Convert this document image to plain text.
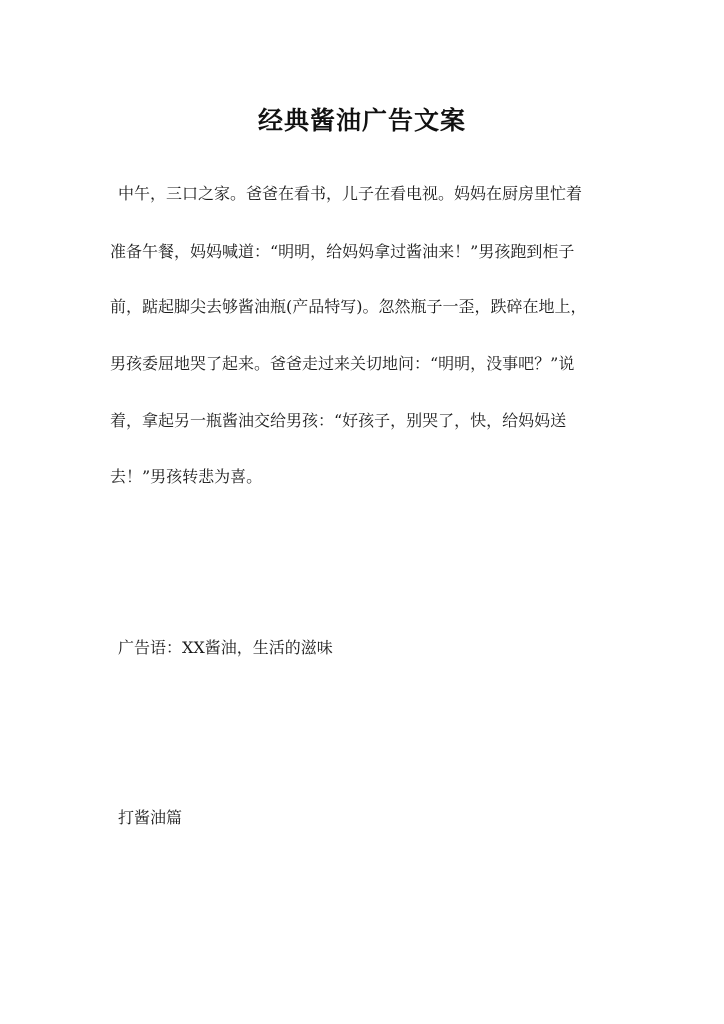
经典酱油广告文案
中午，三口之家。爸爸在看书，儿子在看电视。妈妈在厨房里忙着
准备午餐，妈妈喊道：“明明，给妈妈拿过酱油来！”男孩跑到柜子
前，踮起脚尖去够酱油瓶(产品特写)。忽然瓶子一歪，跌碎在地上，
男孩委屈地哭了起来。爸爸走过来关切地问：“明明，没事吧？”说
着，拿起另一瓶酱油交给男孩：“好孩子，别哭了，快，给妈妈送
去！”男孩转悲为喜。
广告语：XX酱油，生活的滋味
打酱油篇
